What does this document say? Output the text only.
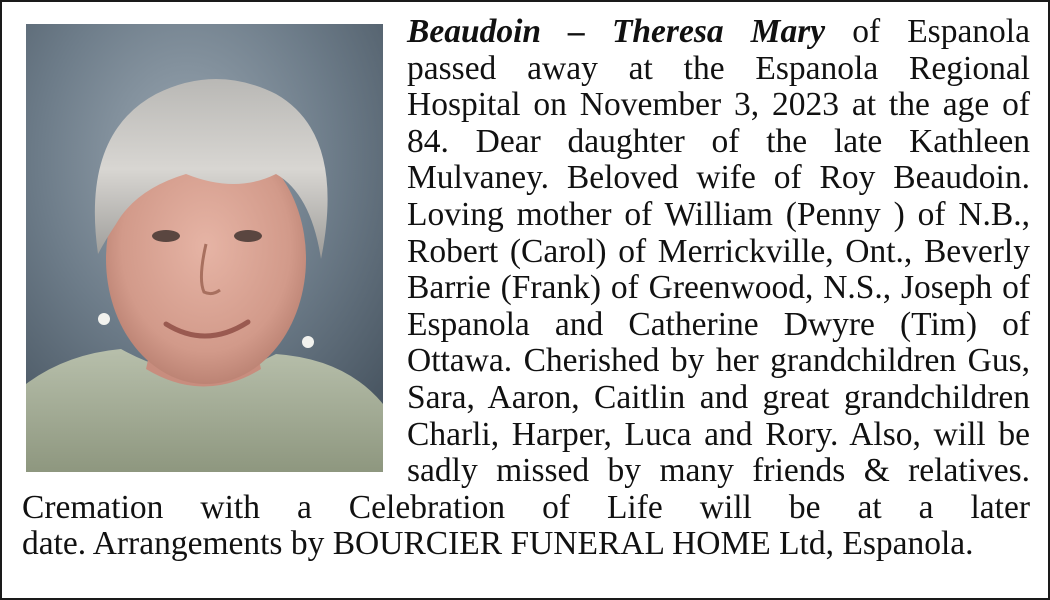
Beaudoin – Theresa Mary of Espanola passed away at the Espanola Regional Hospital on November 3, 2023 at the age of 84. Dear daughter of the late Kathleen Mulvaney. Beloved wife of Roy Beaudoin. Loving mother of William (Penny ) of N.B., Robert (Carol) of Merrickville, Ont., Beverly Barrie (Frank) of Greenwood, N.S., Joseph of Espanola and Catherine Dwyre (Tim) of Ottawa. Cherished by her grandchildren Gus, Sara, Aaron, Caitlin and great grandchildren Charli, Harper, Luca and Rory. Also, will be sadly missed by many friends & relatives. Cremation with a Celebration of Life will be at a later
date. Arrangements by BOURCIER FUNERAL HOME Ltd, Espanola.
